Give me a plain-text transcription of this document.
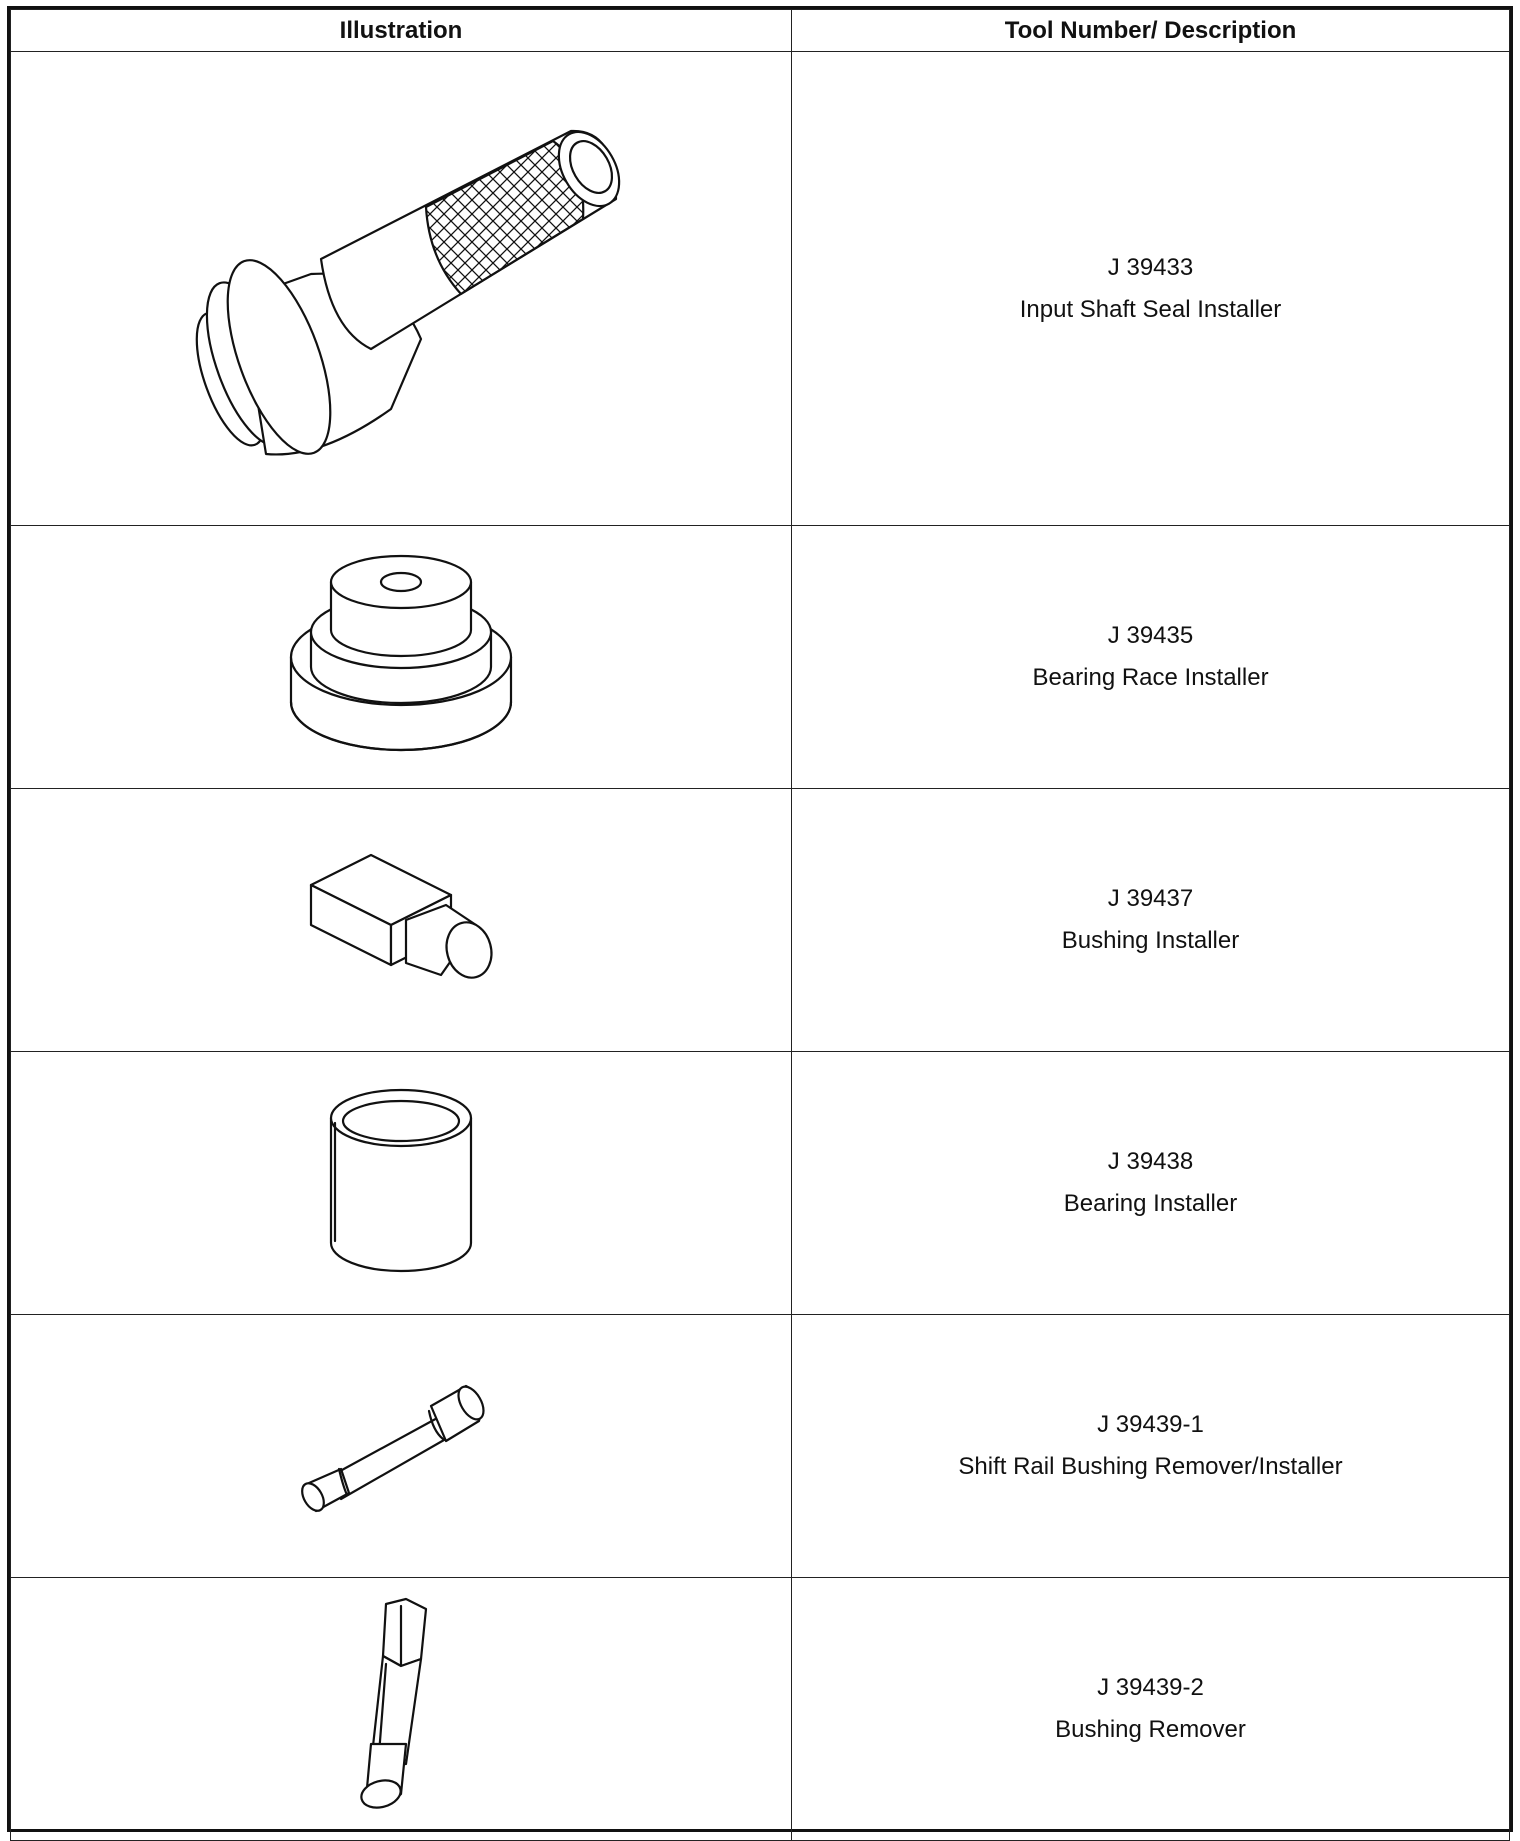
Illustration	Tool Number/ Description

J 39433
Input Shaft Seal Installer

J 39435
Bearing Race Installer

J 39437
Bushing Installer

J 39438
Bearing Installer

J 39439-1
Shift Rail Bushing Remover/Installer

J 39439-2
Bushing Remover
